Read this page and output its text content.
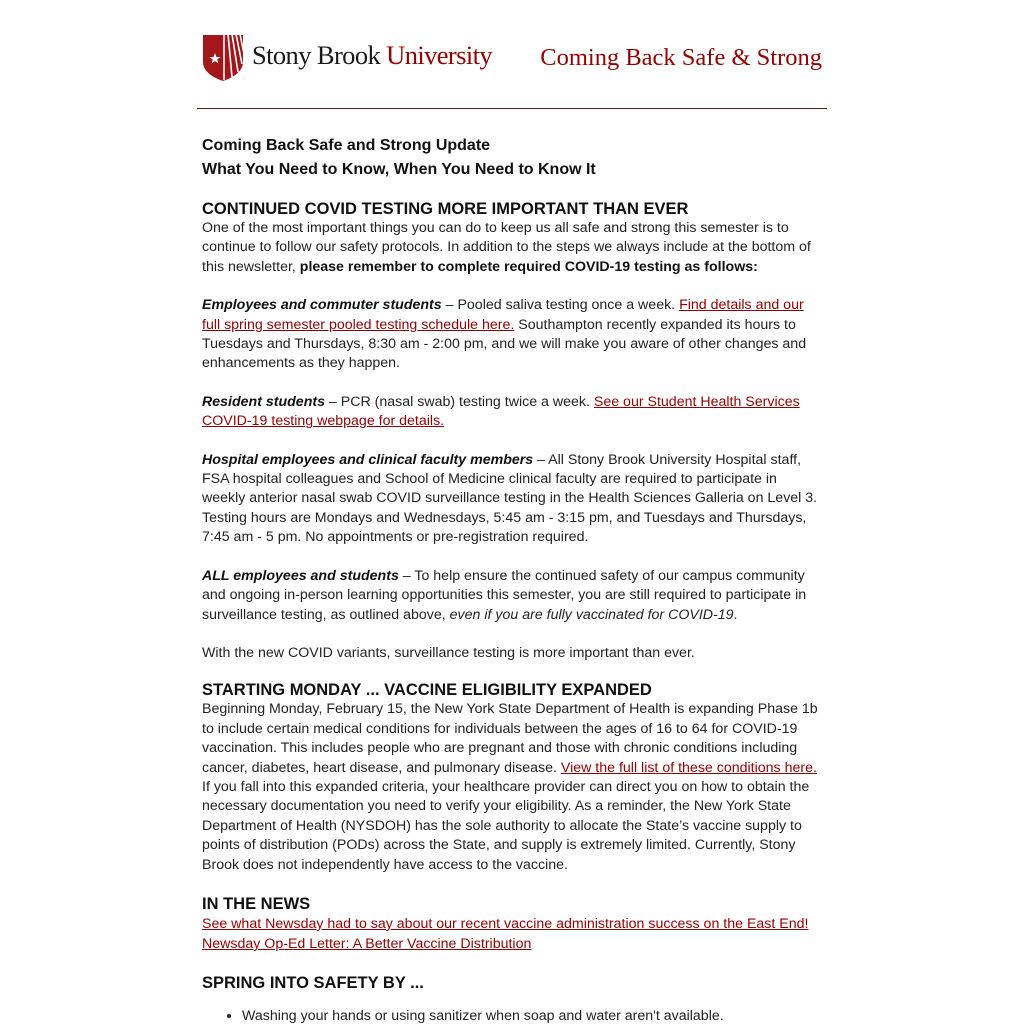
Stony Brook University Coming Back Safe & Strong
Coming Back Safe and Strong Update
What You Need to Know, When You Need to Know It
CONTINUED COVID TESTING MORE IMPORTANT THAN EVER

One of the most important things you can do to keep us all safe and strong this semester is to continue to follow our safety protocols. In addition to the steps we always include at the bottom of this newsletter, please remember to complete required COVID-19 testing as follows:

Employees and commuter students – Pooled saliva testing once a week. Find details and our full spring semester pooled testing schedule here. Southampton recently expanded its hours to Tuesdays and Thursdays, 8:30 am - 2:00 pm, and we will make you aware of other changes and enhancements as they happen.

Resident students – PCR (nasal swab) testing twice a week. See our Student Health Services COVID-19 testing webpage for details.

Hospital employees and clinical faculty members – All Stony Brook University Hospital staff, FSA hospital colleagues and School of Medicine clinical faculty are required to participate in weekly anterior nasal swab COVID surveillance testing in the Health Sciences Galleria on Level 3. Testing hours are Mondays and Wednesdays, 5:45 am - 3:15 pm, and Tuesdays and Thursdays, 7:45 am - 5 pm. No appointments or pre-registration required.

ALL employees and students – To help ensure the continued safety of our campus community and ongoing in-person learning opportunities this semester, you are still required to participate in surveillance testing, as outlined above, even if you are fully vaccinated for COVID-19.

With the new COVID variants, surveillance testing is more important than ever.

STARTING MONDAY ... VACCINE ELIGIBILITY EXPANDED

Beginning Monday, February 15, the New York State Department of Health is expanding Phase 1b to include certain medical conditions for individuals between the ages of 16 to 64 for COVID-19 vaccination. This includes people who are pregnant and those with chronic conditions including cancer, diabetes, heart disease, and pulmonary disease. View the full list of these conditions here. If you fall into this expanded criteria, your healthcare provider can direct you on how to obtain the necessary documentation you need to verify your eligibility. As a reminder, the New York State Department of Health (NYSDOH) has the sole authority to allocate the State’s vaccine supply to points of distribution (PODs) across the State, and supply is extremely limited. Currently, Stony Brook does not independently have access to the vaccine.

IN THE NEWS
See what Newsday had to say about our recent vaccine administration success on the East End!
Newsday Op-Ed Letter: A Better Vaccine Distribution
SPRING INTO SAFETY BY ...
• Washing your hands or using sanitizer when soap and water aren't available.
